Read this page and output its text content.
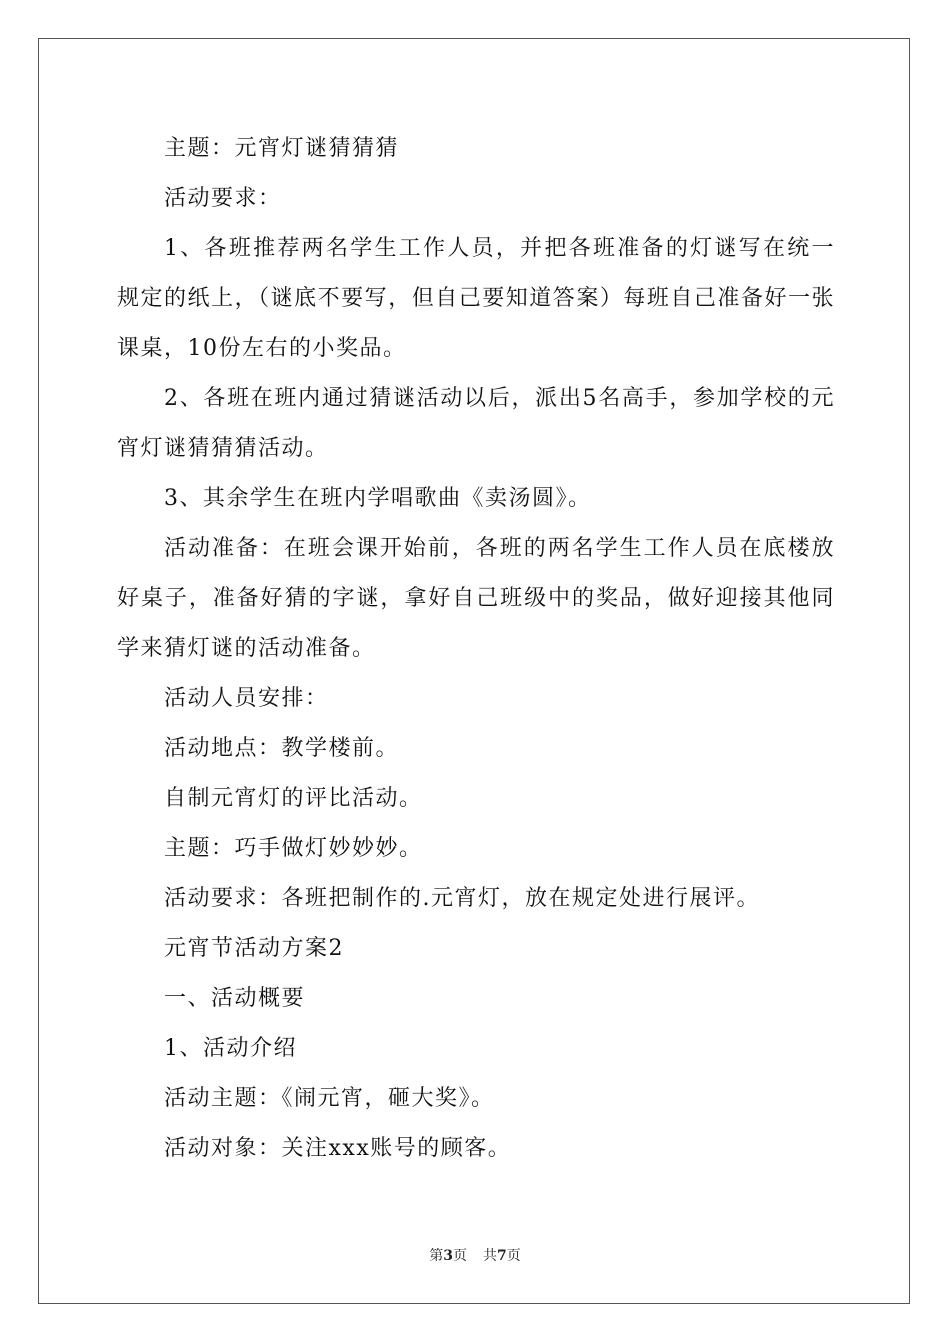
主题：元宵灯谜猜猜猜

活动要求：

1、各班推荐两名学生工作人员，并把各班准备的灯谜写在统一规定的纸上，（谜底不要写，但自己要知道答案）每班自己准备好一张课桌，10份左右的小奖品。

2、各班在班内通过猜谜活动以后，派出5名高手，参加学校的元宵灯谜猜猜猜活动。

3、其余学生在班内学唱歌曲《卖汤圆》。

活动准备：在班会课开始前，各班的两名学生工作人员在底楼放好桌子，准备好猜的字谜，拿好自己班级中的奖品，做好迎接其他同学来猜灯谜的活动准备。

活动人员安排：

活动地点：教学楼前。

自制元宵灯的评比活动。

主题：巧手做灯妙妙妙。

活动要求：各班把制作的.元宵灯，放在规定处进行展评。

元宵节活动方案2

一、活动概要

1、活动介绍

活动主题：《闹元宵，砸大奖》。

活动对象：关注xxx账号的顾客。

第3页 共7页
